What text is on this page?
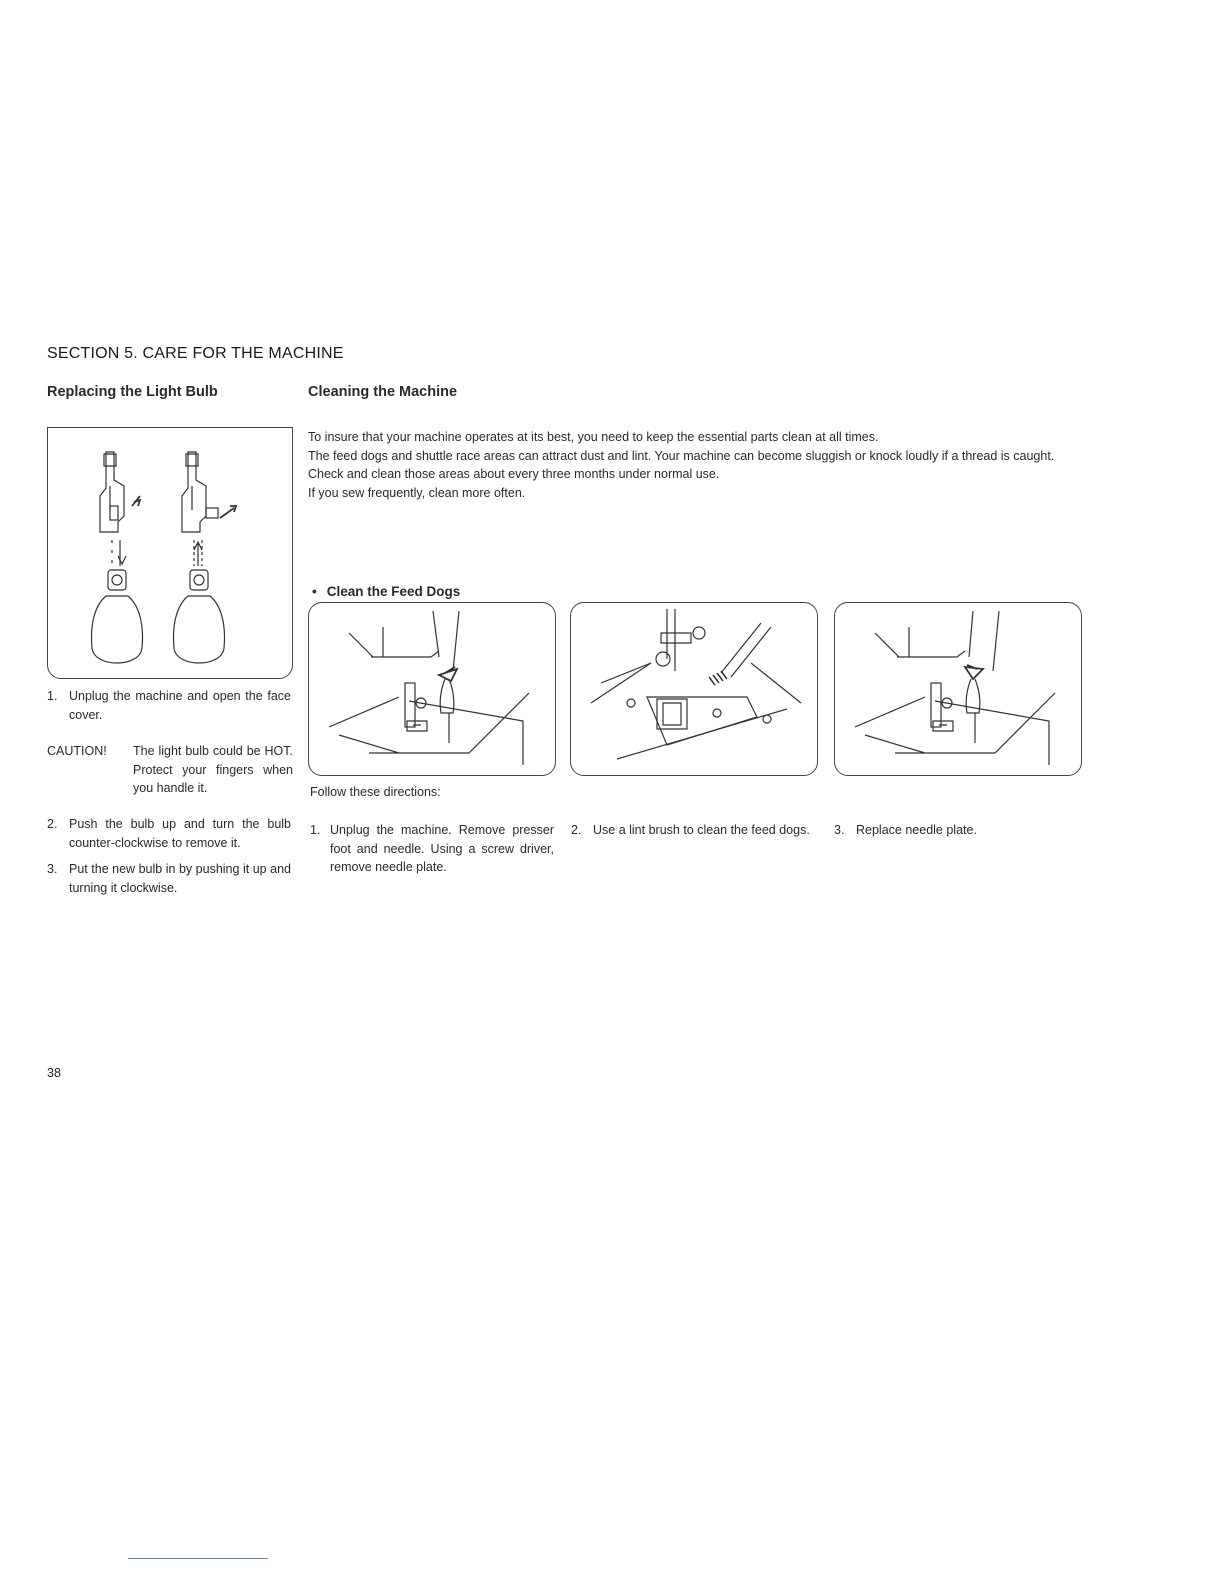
SECTION 5. CARE FOR THE MACHINE
Replacing the Light Bulb
1. Unplug the machine and open the face cover.
CAUTION! The light bulb could be HOT. Protect your fingers when you handle it.
2. Push the bulb up and turn the bulb counter-clockwise to remove it.
3. Put the new bulb in by pushing it up and turning it clockwise.
Cleaning the Machine
To insure that your machine operates at its best, you need to keep the essential parts clean at all times.
The feed dogs and shuttle race areas can attract dust and lint. Your machine can become sluggish or knock loudly if a thread is caught.
Check and clean those areas about every three months under normal use.
If you sew frequently, clean more often.
• Clean the Feed Dogs
Follow these directions:
1. Unplug the machine. Remove presser foot and needle. Using a screw driver, remove needle plate.
2. Use a lint brush to clean the feed dogs.	3. Replace needle plate.
38
